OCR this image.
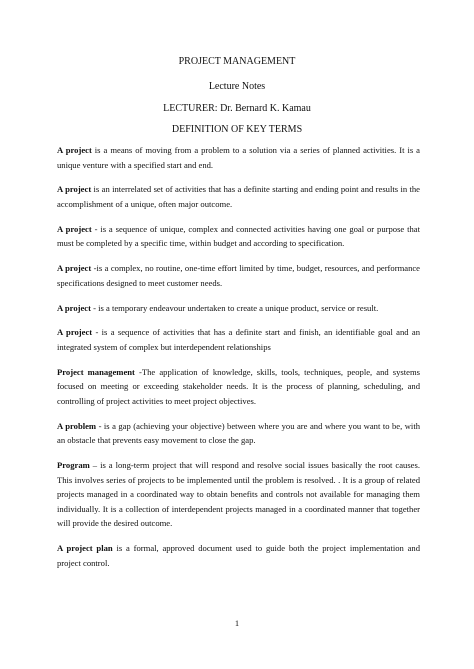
PROJECT MANAGEMENT
Lecture Notes
LECTURER: Dr. Bernard K. Kamau
DEFINITION OF KEY TERMS

A project is a means of moving from a problem to a solution via a series of planned activities. It is a unique venture with a specified start and end.

A project is an interrelated set of activities that has a definite starting and ending point and results in the accomplishment of a unique, often major outcome.

A project - is a sequence of unique, complex and connected activities having one goal or purpose that must be completed by a specific time, within budget and according to specification.

A project -is a complex, no routine, one-time effort limited by time, budget, resources, and performance specifications designed to meet customer needs.

A project - is a temporary endeavour undertaken to create a unique product, service or result.

A project - is a sequence of activities that has a definite start and finish, an identifiable goal and an integrated system of complex but interdependent relationships

Project management -The application of knowledge, skills, tools, techniques, people, and systems focused on meeting or exceeding stakeholder needs. It is the process of planning, scheduling, and controlling of project activities to meet project objectives.

A problem - is a gap (achieving your objective) between where you are and where you want to be, with an obstacle that prevents easy movement to close the gap.

Program – is a long-term project that will respond and resolve social issues basically the root causes. This involves series of projects to be implemented until the problem is resolved. . It is a group of related projects managed in a coordinated way to obtain benefits and controls not available for managing them individually. It is a collection of interdependent projects managed in a coordinated manner that together will provide the desired outcome.

A project plan is a formal, approved document used to guide both the project implementation and project control.

1
